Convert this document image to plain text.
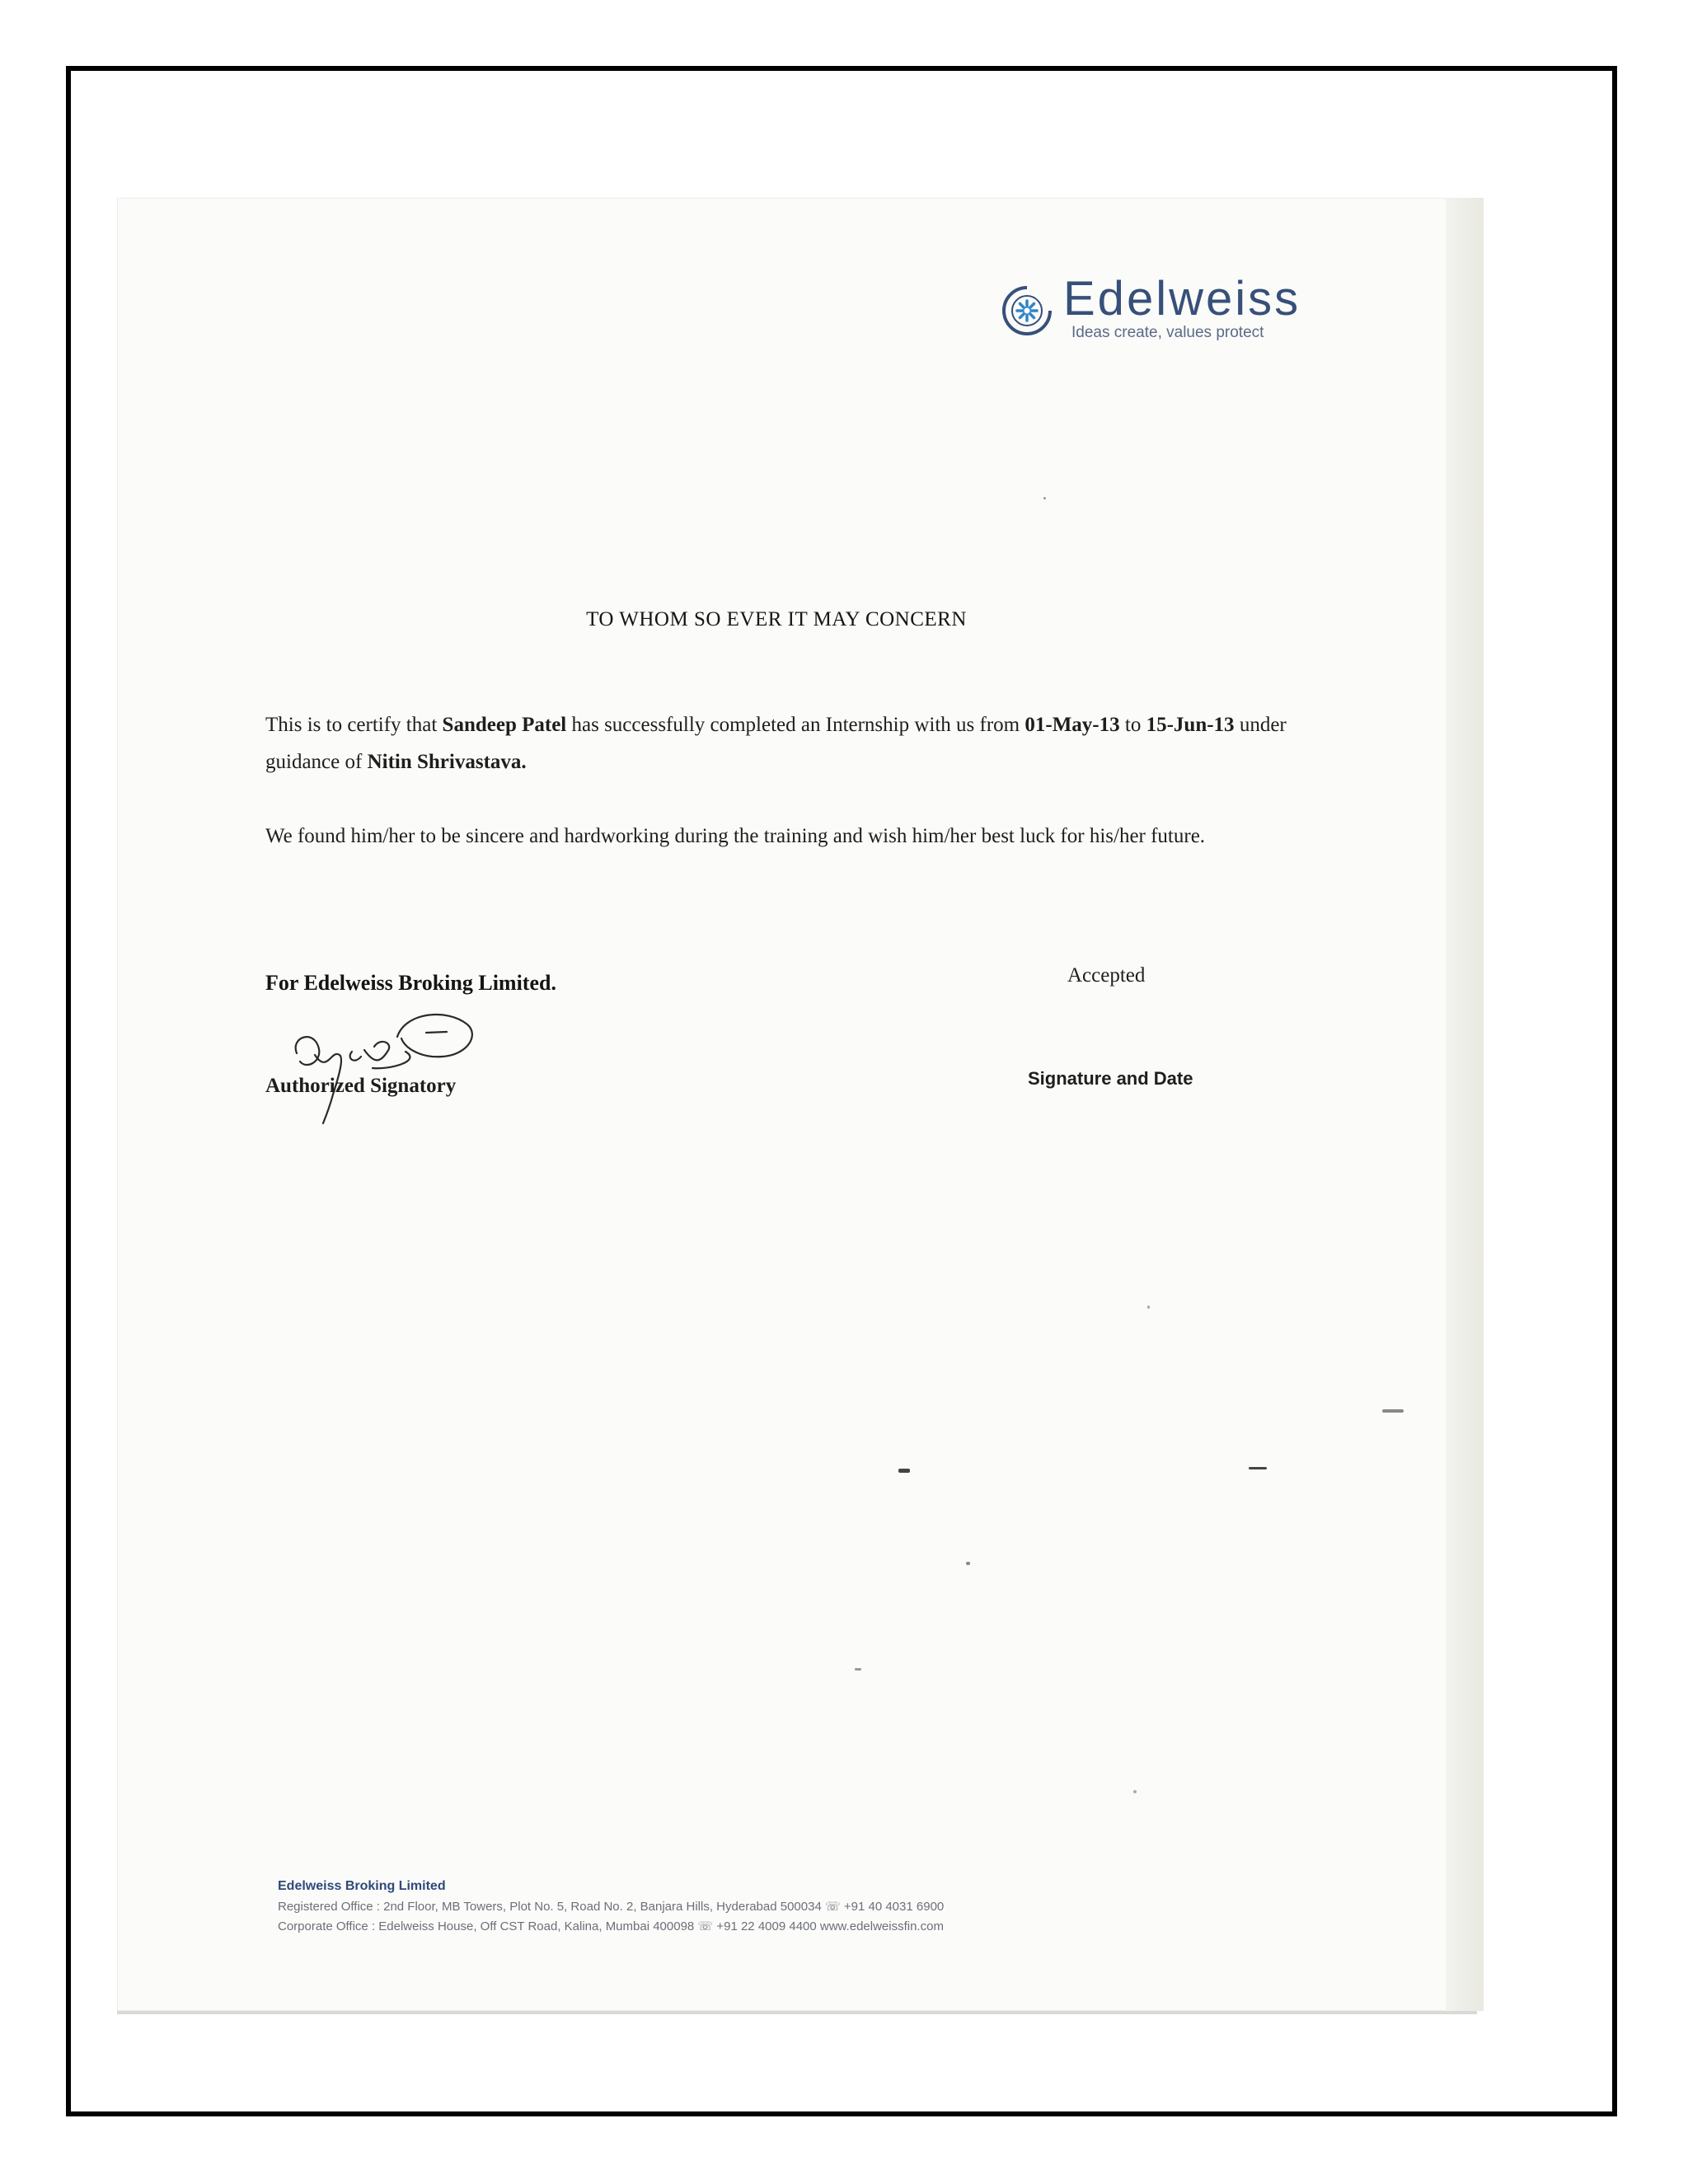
Edelweiss
Ideas create, values protect
TO WHOM SO EVER IT MAY CONCERN
This is to certify that Sandeep Patel has successfully completed an Internship with us from 01-May-13 to 15-Jun-13 under guidance of Nitin Shrivastava.
We found him/her to be sincere and hardworking during the training and wish him/her best luck for his/her future.
For Edelweiss Broking Limited.	Accepted
Authorized Signatory	Signature and Date
Edelweiss Broking Limited
Registered Office : 2nd Floor, MB Towers, Plot No. 5, Road No. 2, Banjara Hills, Hyderabad 500034 ☏ +91 40 4031 6900
Corporate Office : Edelweiss House, Off CST Road, Kalina, Mumbai 400098 ☏ +91 22 4009 4400 www.edelweissfin.com
